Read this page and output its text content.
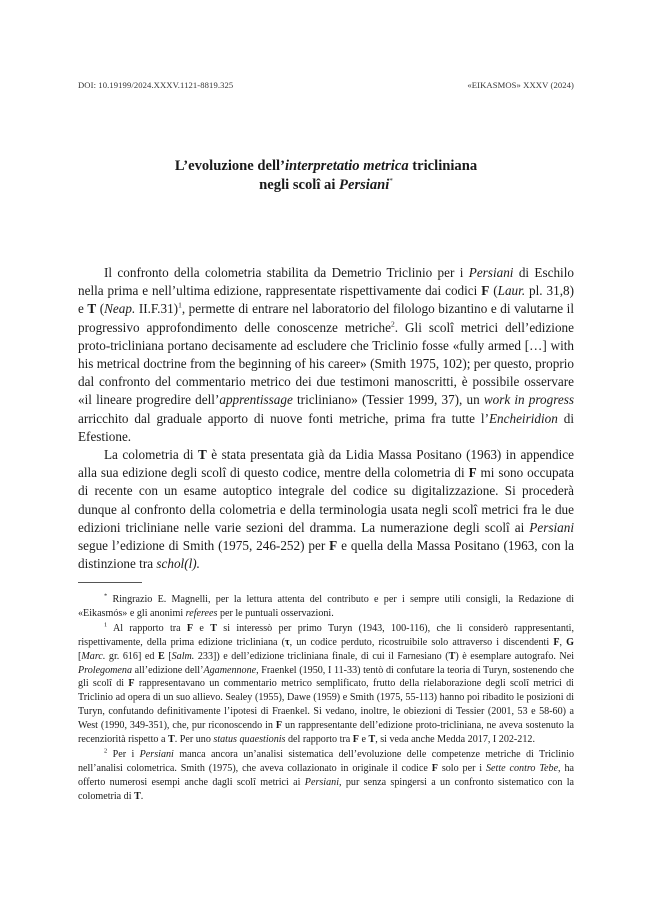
DOI: 10.19199/2024.XXXV.1121-8819.325	«EIKASMOS» XXXV (2024)
L’evoluzione dell’interpretatio metrica tricliniana
negli scolî ai Persiani*

Il confronto della colometria stabilita da Demetrio Triclinio per i Persiani di Eschilo nella prima e nell’ultima edizione, rappresentate rispettivamente dai codici F (Laur. pl. 31,8) e T (Neap. II.F.31)$^1$, permette di entrare nel laboratorio del filologo bizantino e di valutarne il progressivo approfondimento delle conoscenze metriche$^2$. Gli scolî metrici dell’edizione proto-tricliniana portano decisamente ad escludere che Triclinio fosse «fully armed […] with his metrical doctrine from the beginning of his career» (Smith 1975, 102); per questo, proprio dal confronto del commentario metrico dei due testimoni manoscritti, è possibile osservare «il lineare progredire dell’apprentissage tricliniano» (Tessier 1999, 37), un work in progress arricchito dal graduale apporto di nuove fonti metriche, prima fra tutte l’Encheiridion di Efestione.

La colometria di T è stata presentata già da Lidia Massa Positano (1963) in appendice alla sua edizione degli scolî di questo codice, mentre della colometria di F mi sono occupata di recente con un esame autoptico integrale del codice su digitalizzazione. Si procederà dunque al confronto della colometria e della terminologia usata negli scolî metrici fra le due edizioni tricliniane nelle varie sezioni del dramma. La numerazione degli scolî ai Persiani segue l’edizione di Smith (1975, 246-252) per F e quella della Massa Positano (1963, con la distinzione tra schol(l).

* Ringrazio E. Magnelli, per la lettura attenta del contributo e per i sempre utili consigli, la Redazione di «Eikasmós» e gli anonimi referees per le puntuali osservazioni.

$^1$ Al rapporto tra F e T si interessò per primo Turyn (1943, 100-116), che li considerò rappresentanti, rispettivamente, della prima edizione tricliniana (τ, un codice perduto, ricostruibile solo attraverso i discendenti F, G [Marc. gr. 616] ed E [Salm. 233]) e dell’edizione tricliniana finale, di cui il Farnesiano (T) è esemplare autografo. Nei Prolegomena all’edizione dell’Agamennone, Fraenkel (1950, I 11-33) tentò di confutare la teoria di Turyn, sostenendo che gli scolî di F rappresentavano un commentario metrico semplificato, frutto della rielaborazione degli scolî metrici di Triclinio ad opera di un suo allievo. Sealey (1955), Dawe (1959) e Smith (1975, 55-113) hanno poi ribadito le posizioni di Turyn, confutando definitivamente l’ipotesi di Fraenkel. Si vedano, inoltre, le obiezioni di Tessier (2001, 53 e 58-60) a West (1990, 349-351), che, pur riconoscendo in F un rappresentante dell’edizione proto-tricliniana, ne aveva sostenuto la recenziorità rispetto a T. Per uno status quaestionis del rapporto tra F e T, si veda anche Medda 2017, I 202-212.

$^2$ Per i Persiani manca ancora un’analisi sistematica dell’evoluzione delle competenze metriche di Triclinio nell’analisi colometrica. Smith (1975), che aveva collazionato in originale il codice F solo per i Sette contro Tebe, ha offerto numerosi esempi anche dagli scolî metrici ai Persiani, pur senza spingersi a un confronto sistematico con la colometria di T.
